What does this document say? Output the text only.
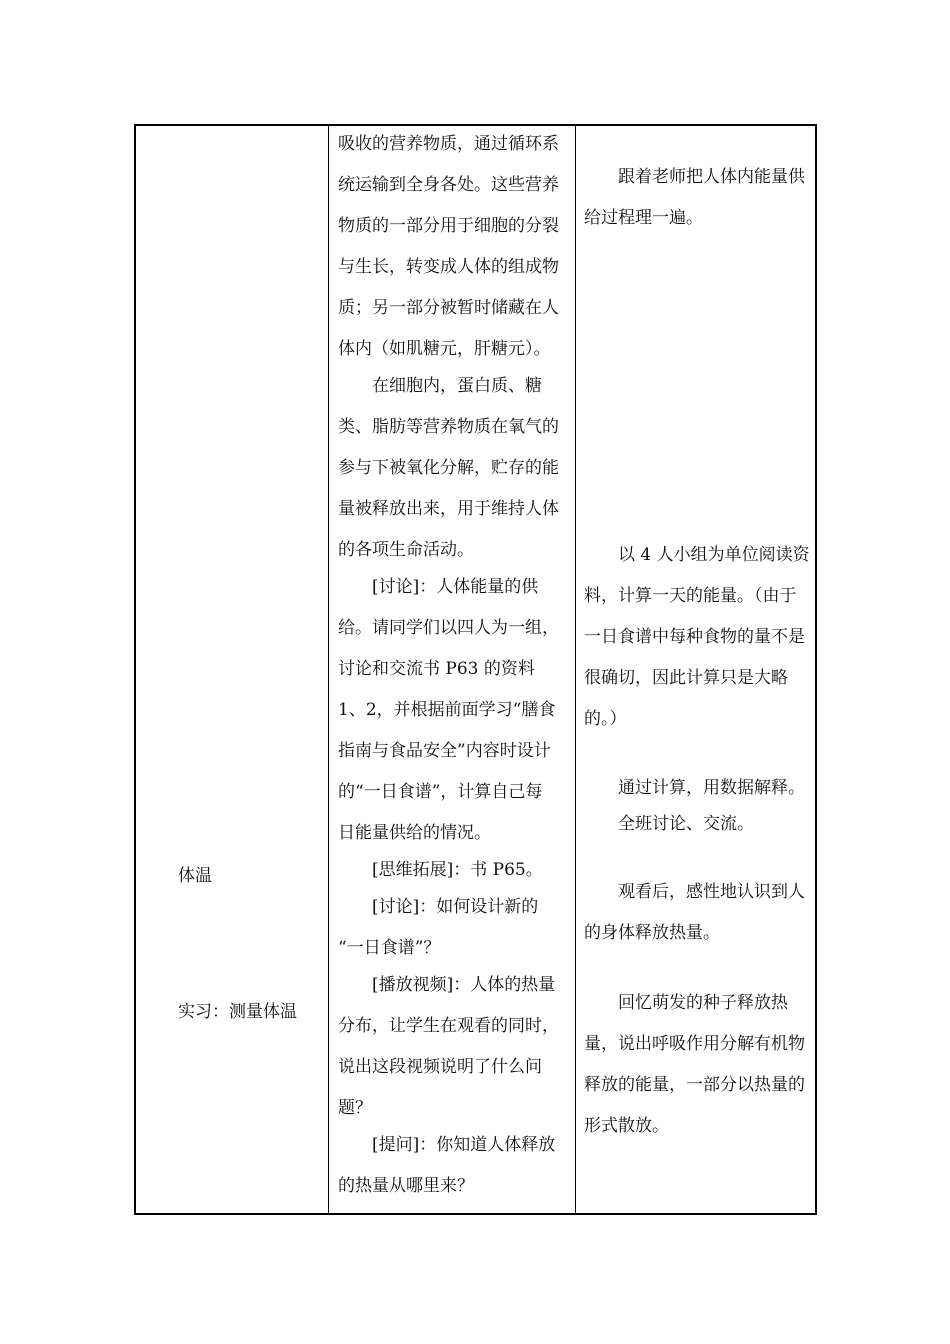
体温

实习：测量体温

吸收的营养物质，通过循环系

统运输到全身各处。这些营养

物质的一部分用于细胞的分裂

与生长，转变成人体的组成物

质；另一部分被暂时储藏在人

体内（如肌糖元，肝糖元）。

在细胞内，蛋白质、糖

类、脂肪等营养物质在氧气的

参与下被氧化分解，贮存的能

量被释放出来，用于维持人体

的各项生命活动。

[讨论]：人体能量的供

给。请同学们以四人为一组，

讨论和交流书 P63 的资料

1、2，并根据前面学习“膳食

指南与食品安全”内容时设计

的“一日食谱”，计算自己每

日能量供给的情况。

[思维拓展]：书 P65。

[讨论]：如何设计新的

“一日食谱”？

[播放视频]：人体的热量

分布，让学生在观看的同时，

说出这段视频说明了什么问

题？

[提问]：你知道人体释放

的热量从哪里来？

跟着老师把人体内能量供

给过程理一遍。

以 4 人小组为单位阅读资

料，计算一天的能量。（由于

一日食谱中每种食物的量不是

很确切，因此计算只是大略

的。）

通过计算，用数据解释。

全班讨论、交流。

观看后，感性地认识到人

的身体释放热量。

回忆萌发的种子释放热

量，说出呼吸作用分解有机物

释放的能量，一部分以热量的

形式散放。
